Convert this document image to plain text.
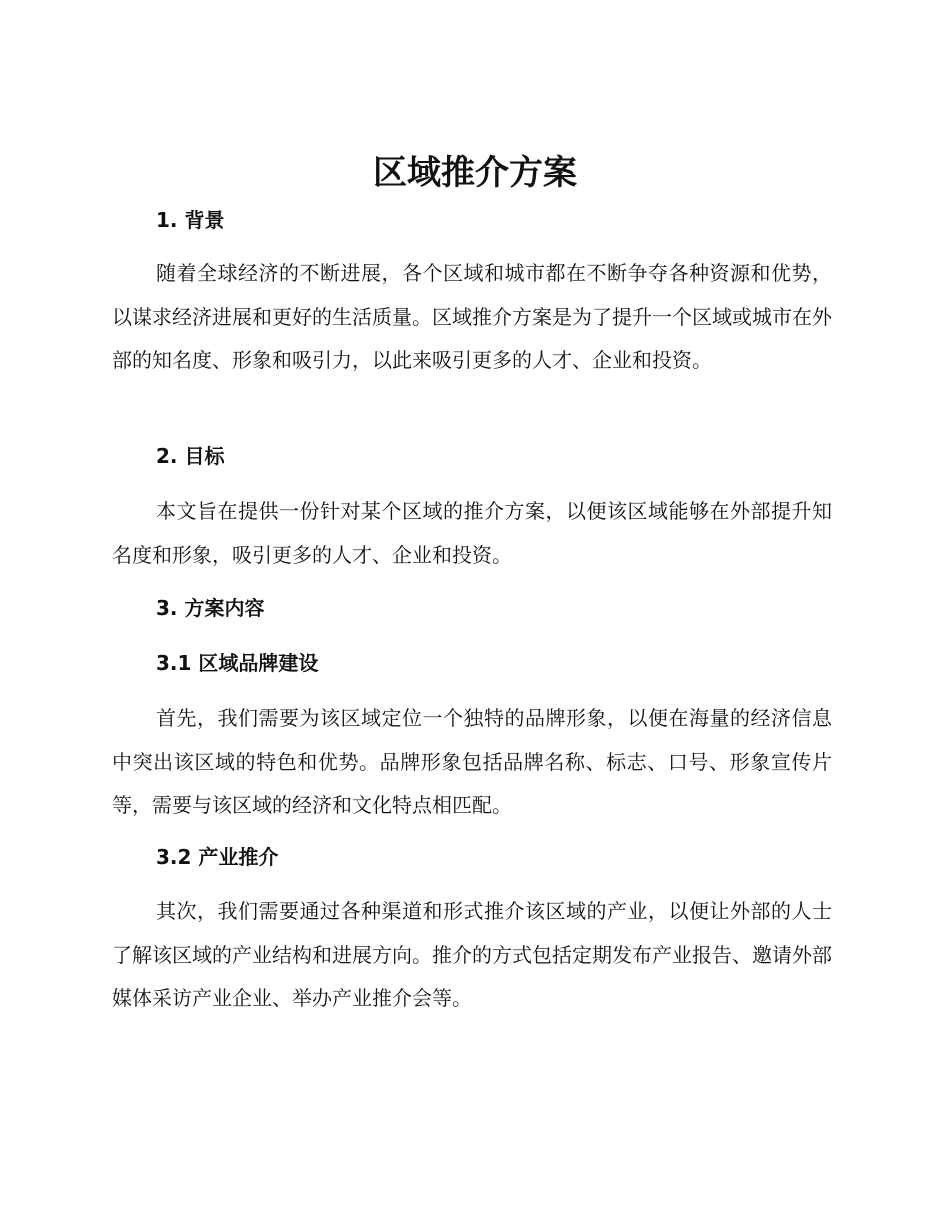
区域推介方案
1. 背景

随着全球经济的不断进展，各个区域和城市都在不断争夺各种资源和优势，以谋求经济进展和更好的生活质量。区域推介方案是为了提升一个区域或城市在外部的知名度、形象和吸引力，以此来吸引更多的人才、企业和投资。

2. 目标

本文旨在提供一份针对某个区域的推介方案，以便该区域能够在外部提升知名度和形象，吸引更多的人才、企业和投资。

3. 方案内容
3.1 区域品牌建设

首先，我们需要为该区域定位一个独特的品牌形象，以便在海量的经济信息中突出该区域的特色和优势。品牌形象包括品牌名称、标志、口号、形象宣传片等，需要与该区域的经济和文化特点相匹配。

3.2 产业推介

其次，我们需要通过各种渠道和形式推介该区域的产业，以便让外部的人士了解该区域的产业结构和进展方向。推介的方式包括定期发布产业报告、邀请外部媒体采访产业企业、举办产业推介会等。
